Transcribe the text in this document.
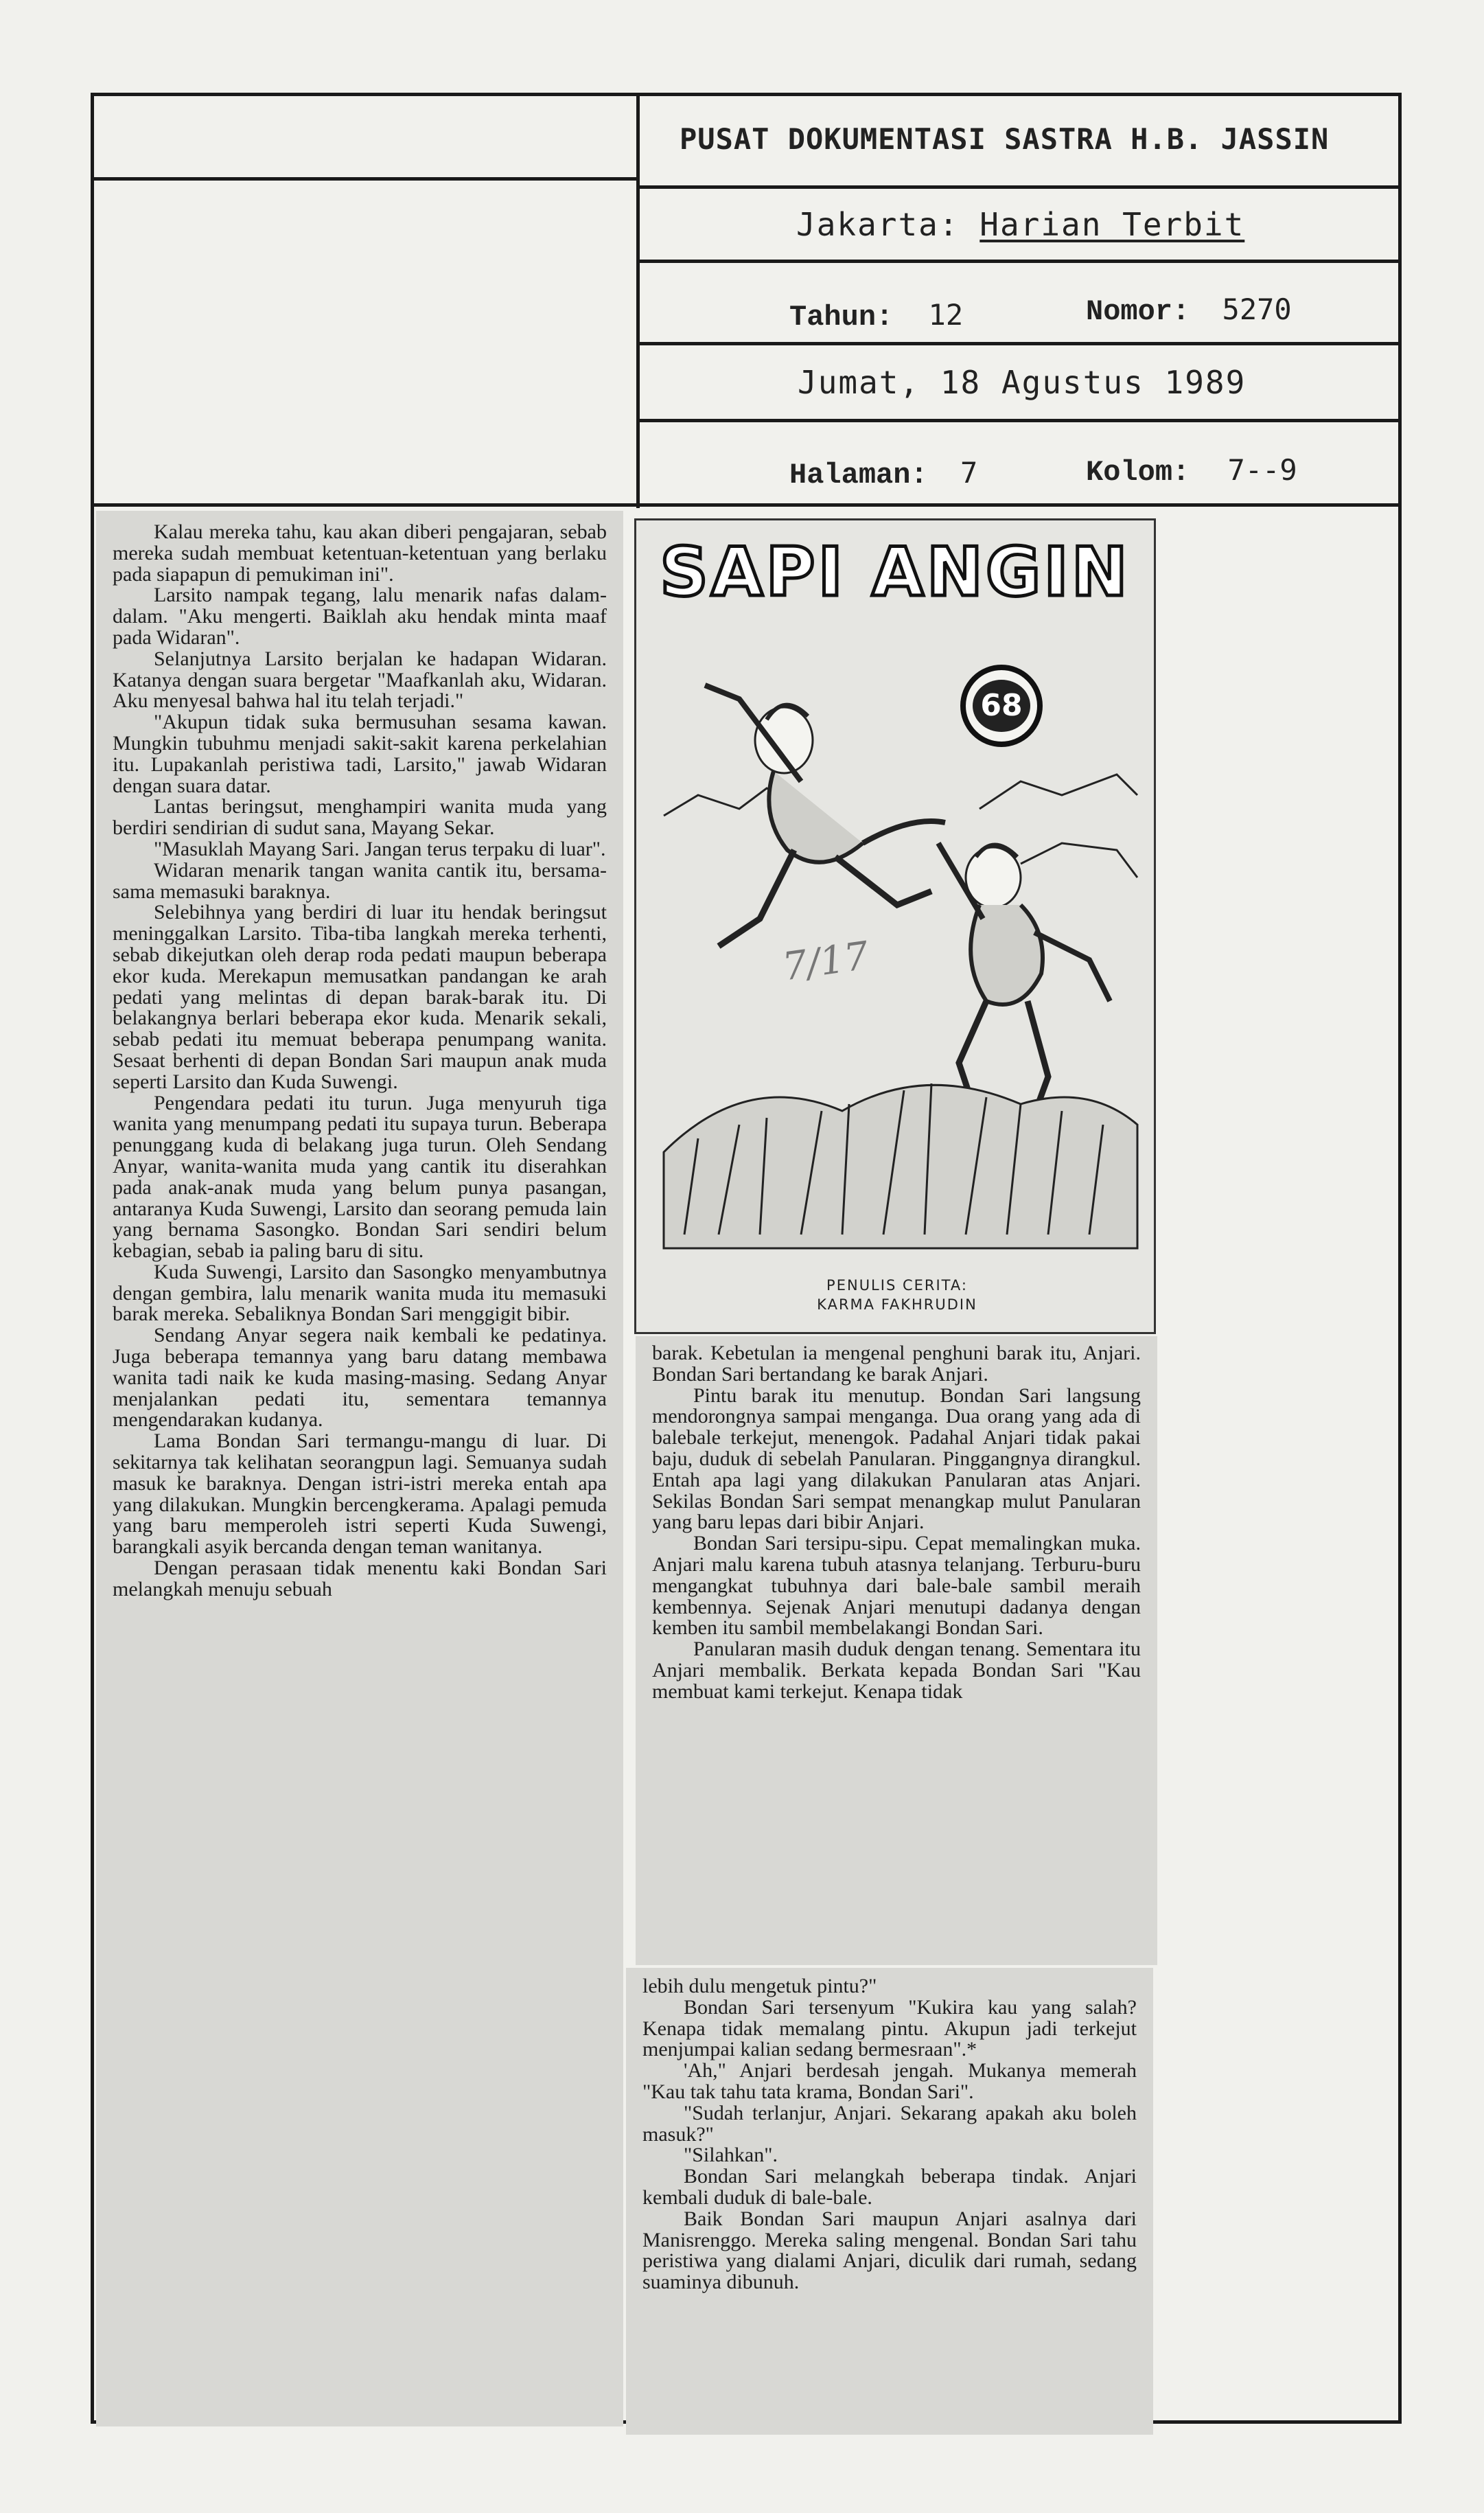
PUSAT DOKUMENTASI SASTRA H.B. JASSIN
Jakarta: Harian Terbit
Tahun: 12	Nomor: 5270
Jumat, 18 Agustus 1989
Halaman: 7	Kolom: 7--9

Kalau mereka tahu, kau akan diberi pengajaran, sebab mereka sudah membuat ketentuan-ketentuan yang berlaku pada siapapun di pemukiman ini".

Larsito nampak tegang, lalu menarik nafas dalam-dalam. "Aku mengerti. Baiklah aku hendak minta maaf pada Widaran".

Selanjutnya Larsito berjalan ke hadapan Widaran. Katanya dengan suara bergetar "Maafkanlah aku, Widaran. Aku menyesal bahwa hal itu telah terjadi."

"Akupun tidak suka bermusuhan sesama kawan. Mungkin tubuhmu menjadi sakit-sakit karena perkelahian itu. Lupakanlah peristiwa tadi, Larsito," jawab Widaran dengan suara datar.

Lantas beringsut, menghampiri wanita muda yang berdiri sendirian di sudut sana, Mayang Sekar.

"Masuklah Mayang Sari. Jangan terus terpaku di luar".

Widaran menarik tangan wanita cantik itu, bersama-sama memasuki baraknya.

Selebihnya yang berdiri di luar itu hendak beringsut meninggalkan Larsito. Tiba-tiba langkah mereka terhenti, sebab dikejutkan oleh derap roda pedati maupun beberapa ekor kuda. Merekapun memusatkan pandangan ke arah pedati yang melintas di depan barak-barak itu. Di belakangnya berlari beberapa ekor kuda. Menarik sekali, sebab pedati itu memuat beberapa penumpang wanita. Sesaat berhenti di depan Bondan Sari maupun anak muda seperti Larsito dan Kuda Suwengi.

Pengendara pedati itu turun. Juga menyuruh tiga wanita yang menumpang pedati itu supaya turun. Beberapa penunggang kuda di belakang juga turun. Oleh Sendang Anyar, wanita-wanita muda yang cantik itu diserahkan pada anak-anak muda yang belum punya pasangan, antaranya Kuda Suwengi, Larsito dan seorang pemuda lain yang bernama Sasongko. Bondan Sari sendiri belum kebagian, sebab ia paling baru di situ.

Kuda Suwengi, Larsito dan Sasongko menyambutnya dengan gembira, lalu menarik wanita muda itu memasuki barak mereka. Sebaliknya Bondan Sari menggigit bibir.

Sendang Anyar segera naik kembali ke pedatinya. Juga beberapa temannya yang baru datang membawa wanita tadi naik ke kuda masing-masing. Sedang Anyar menjalankan pedati itu, sementara temannya mengendarakan kudanya.

Lama Bondan Sari termangu-mangu di luar. Di sekitarnya tak kelihatan seorangpun lagi. Semuanya sudah masuk ke baraknya. Dengan istri-istri mereka entah apa yang dilakukan. Mungkin bercengkerama. Apalagi pemuda yang baru memperoleh istri seperti Kuda Suwengi, barangkali asyik bercanda dengan teman wanitanya.

Dengan perasaan tidak menentu kaki Bondan Sari melangkah menuju sebuah

SAPI ANGIN
68
PENULIS CERITA:
KARMA FAKHRUDIN
7/17

barak. Kebetulan ia mengenal penghuni barak itu, Anjari. Bondan Sari bertandang ke barak Anjari.

Pintu barak itu menutup. Bondan Sari langsung mendorongnya sampai menganga. Dua orang yang ada di balebale terkejut, menengok. Padahal Anjari tidak pakai baju, duduk di sebelah Panularan. Pinggangnya dirangkul. Entah apa lagi yang dilakukan Panularan atas Anjari. Sekilas Bondan Sari sempat menangkap mulut Panularan yang baru lepas dari bibir Anjari.

Bondan Sari tersipu-sipu. Cepat memalingkan muka. Anjari malu karena tubuh atasnya telanjang. Terburu-buru mengangkat tubuhnya dari bale-bale sambil meraih kembennya. Sejenak Anjari menutupi dadanya dengan kemben itu sambil membelakangi Bondan Sari.

Panularan masih duduk dengan tenang. Sementara itu Anjari membalik. Berkata kepada Bondan Sari "Kau membuat kami terkejut. Kenapa tidak

lebih dulu mengetuk pintu?"

Bondan Sari tersenyum "Kukira kau yang salah? Kenapa tidak memalang pintu. Akupun jadi terkejut menjumpai kalian sedang bermesraan".*

'Ah," Anjari berdesah jengah. Mukanya memerah "Kau tak tahu tata krama, Bondan Sari".

"Sudah terlanjur, Anjari. Sekarang apakah aku boleh masuk?"

"Silahkan".

Bondan Sari melangkah beberapa tindak. Anjari kembali duduk di bale-bale.

Baik Bondan Sari maupun Anjari asalnya dari Manisrenggo. Mereka saling mengenal. Bondan Sari tahu peristiwa yang dialami Anjari, diculik dari rumah, sedang suaminya dibunuh.
